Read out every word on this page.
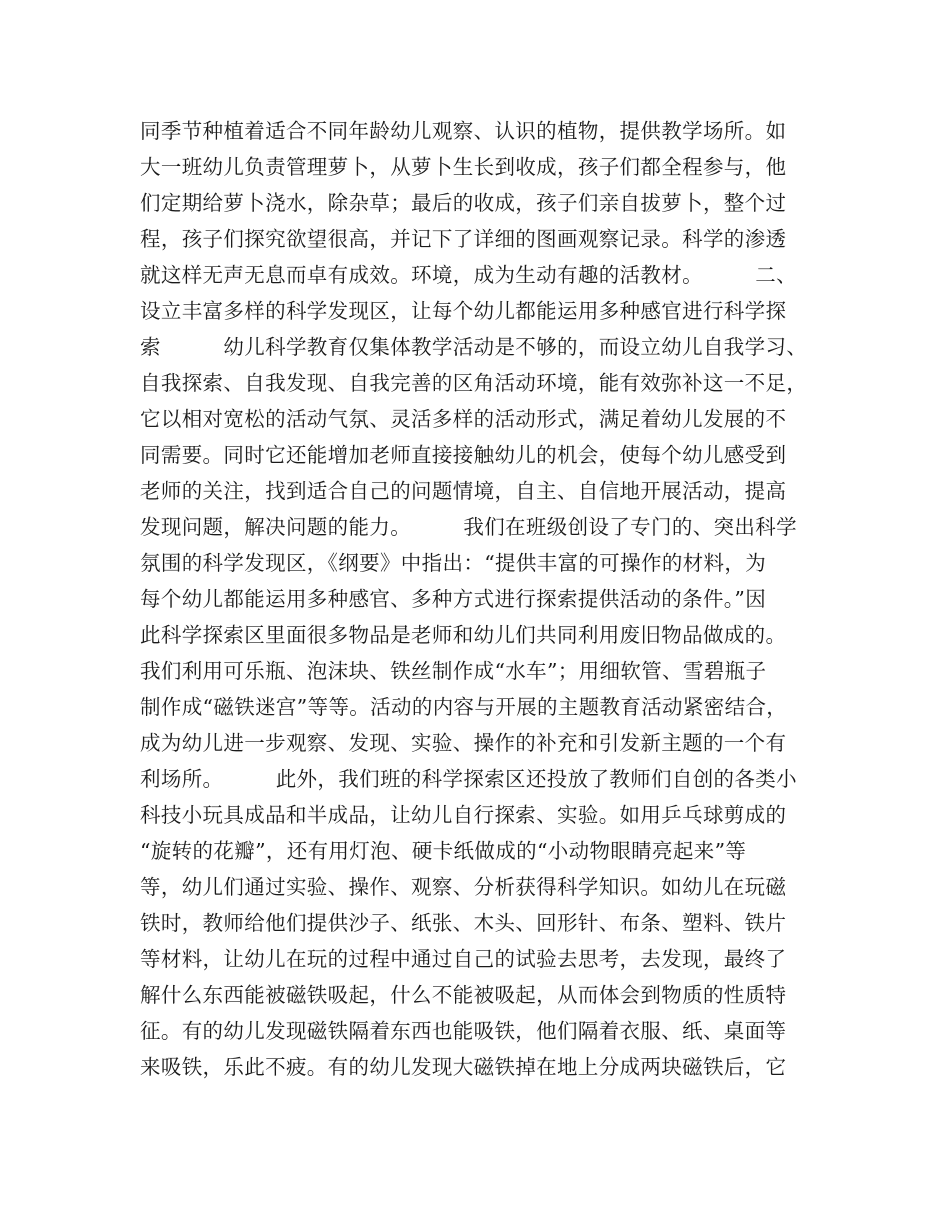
同季节种植着适合不同年龄幼儿观察、认识的植物，提供教学场所。如
大一班幼儿负责管理萝卜，从萝卜生长到收成，孩子们都全程参与，他
们定期给萝卜浇水，除杂草；最后的收成，孩子们亲自拔萝卜，整个过
程，孩子们探究欲望很高，并记下了详细的图画观察记录。科学的渗透
就这样无声无息而卓有成效。环境，成为生动有趣的活教材。　　　二、
设立丰富多样的科学发现区，让每个幼儿都能运用多种感官进行科学探
索　　　幼儿科学教育仅集体教学活动是不够的，而设立幼儿自我学习、
自我探索、自我发现、自我完善的区角活动环境，能有效弥补这一不足，
它以相对宽松的活动气氛、灵活多样的活动形式，满足着幼儿发展的不
同需要。同时它还能增加老师直接接触幼儿的机会，使每个幼儿感受到
老师的关注，找到适合自己的问题情境，自主、自信地开展活动，提高
发现问题，解决问题的能力。　　　我们在班级创设了专门的、突出科学
氛围的科学发现区，《纲要》中指出：“提供丰富的可操作的材料，为
每个幼儿都能运用多种感官、多种方式进行探索提供活动的条件。”因
此科学探索区里面很多物品是老师和幼儿们共同利用废旧物品做成的。
我们利用可乐瓶、泡沫块、铁丝制作成“水车”；用细软管、雪碧瓶子
制作成“磁铁迷宫”等等。活动的内容与开展的主题教育活动紧密结合，
成为幼儿进一步观察、发现、实验、操作的补充和引发新主题的一个有
利场所。　　　此外，我们班的科学探索区还投放了教师们自创的各类小
科技小玩具成品和半成品，让幼儿自行探索、实验。如用乒乓球剪成的
“旋转的花瓣”，还有用灯泡、硬卡纸做成的“小动物眼睛亮起来”等
等，幼儿们通过实验、操作、观察、分析获得科学知识。如幼儿在玩磁
铁时，教师给他们提供沙子、纸张、木头、回形针、布条、塑料、铁片
等材料，让幼儿在玩的过程中通过自己的试验去思考，去发现，最终了
解什么东西能被磁铁吸起，什么不能被吸起，从而体会到物质的性质特
征。有的幼儿发现磁铁隔着东西也能吸铁，他们隔着衣服、纸、桌面等
来吸铁，乐此不疲。有的幼儿发现大磁铁掉在地上分成两块磁铁后，它
